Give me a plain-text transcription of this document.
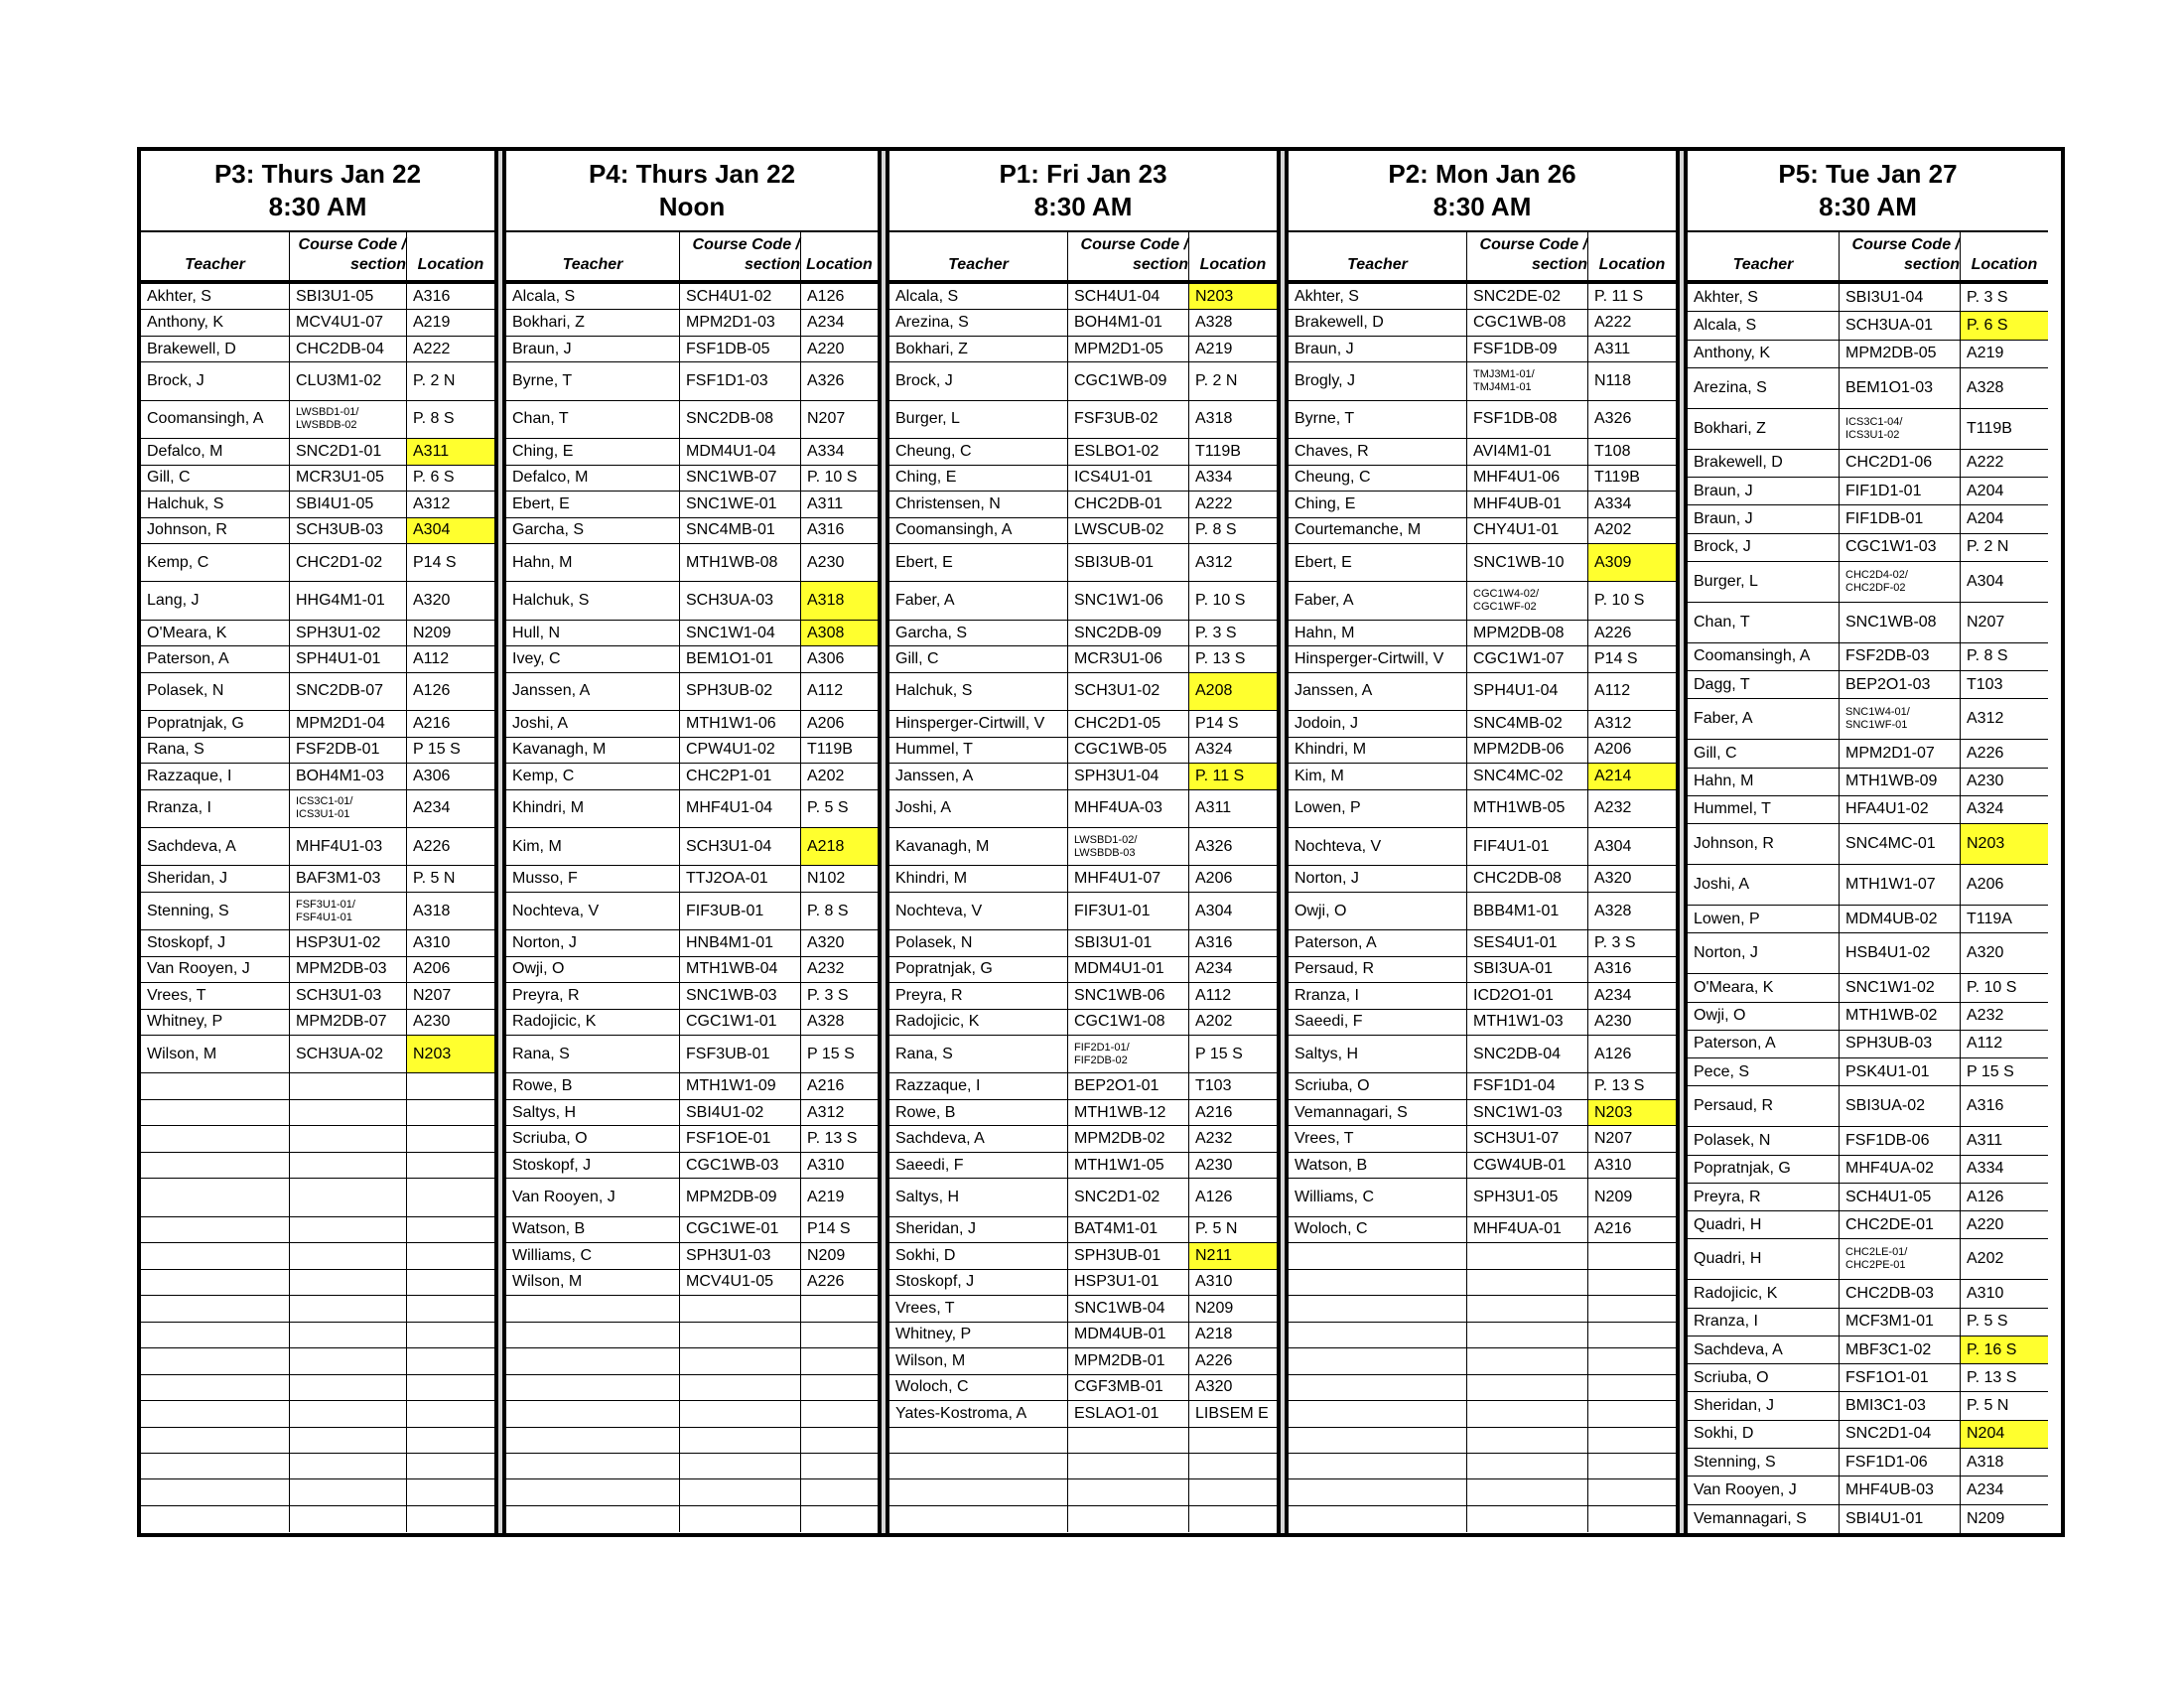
P3: Thurs Jan 22
8:30 AM
Teacher
Course Code /
section Location
Akhter, S	SBI3U1-05	A316
Anthony, K	MCV4U1-07	A219
Brakewell, D	CHC2DB-04	A222
Brock, J	CLU3M1-02	P. 2 N
Coomansingh, A	LWSBD1-01/
LWSBDB-02	P. 8 S
Defalco, M	SNC2D1-01	A311
Gill, C	MCR3U1-05	P. 6 S
Halchuk, S	SBI4U1-05	A312
Johnson, R	SCH3UB-03	A304
Kemp, C	CHC2D1-02	P14 S
Lang, J	HHG4M1-01	A320
O'Meara, K	SPH3U1-02	N209
Paterson, A	SPH4U1-01	A112
Polasek, N	SNC2DB-07	A126
Popratnjak, G	MPM2D1-04	A216
Rana, S	FSF2DB-01	P 15 S
Razzaque, I	BOH4M1-03	A306
Rranza, I	ICS3C1-01/
ICS3U1-01	A234
Sachdeva, A	MHF4U1-03	A226
Sheridan, J	BAF3M1-03	P. 5 N
Stenning, S	FSF3U1-01/
FSF4U1-01	A318
Stoskopf, J	HSP3U1-02	A310
Van Rooyen, J	MPM2DB-03	A206
Vrees, T	SCH3U1-03	N207
Whitney, P	MPM2DB-07	A230
Wilson, M	SCH3UA-02	N203
P4: Thurs Jan 22
Noon
Teacher
Course Code /
section Location
Alcala, S	SCH4U1-02	A126
Bokhari, Z	MPM2D1-03	A234
Braun, J	FSF1DB-05	A220
Byrne, T	FSF1D1-03	A326
Chan, T	SNC2DB-08	N207
Ching, E	MDM4U1-04	A334
Defalco, M	SNC1WB-07	P. 10 S
Ebert, E	SNC1WE-01	A311
Garcha, S	SNC4MB-01	A316
Hahn, M	MTH1WB-08	A230
Halchuk, S	SCH3UA-03	A318
Hull, N	SNC1W1-04	A308
Ivey, C	BEM1O1-01	A306
Janssen, A	SPH3UB-02	A112
Joshi, A	MTH1W1-06	A206
Kavanagh, M	CPW4U1-02	T119B
Kemp, C	CHC2P1-01	A202
Khindri, M	MHF4U1-04	P. 5 S
Kim, M	SCH3U1-04	A218
Musso, F	TTJ2OA-01	N102
Nochteva, V	FIF3UB-01	P. 8 S
Norton, J	HNB4M1-01	A320
Owji, O	MTH1WB-04	A232
Preyra, R	SNC1WB-03	P. 3 S
Radojicic, K	CGC1W1-01	A328
Rana, S	FSF3UB-01	P 15 S
Rowe, B	MTH1W1-09	A216
Saltys, H	SBI4U1-02	A312
Scriuba, O	FSF1OE-01	P. 13 S
Stoskopf, J	CGC1WB-03	A310
Van Rooyen, J	MPM2DB-09	A219
Watson, B	CGC1WE-01	P14 S
Williams, C	SPH3U1-03	N209
Wilson, M	MCV4U1-05	A226
P1: Fri Jan 23
8:30 AM
Teacher
Course Code /
section Location
Alcala, S	SCH4U1-04	N203
Arezina, S	BOH4M1-01	A328
Bokhari, Z	MPM2D1-05	A219
Brock, J	CGC1WB-09	P. 2 N
Burger, L	FSF3UB-02	A318
Cheung, C	ESLBO1-02	T119B
Ching, E	ICS4U1-01	A334
Christensen, N	CHC2DB-01	A222
Coomansingh, A	LWSCUB-02	P. 8 S
Ebert, E	SBI3UB-01	A312
Faber, A	SNC1W1-06	P. 10 S
Garcha, S	SNC2DB-09	P. 3 S
Gill, C	MCR3U1-06	P. 13 S
Halchuk, S	SCH3U1-02	A208
Hinsperger-Cirtwill, V	CHC2D1-05	P14 S
Hummel, T	CGC1WB-05	A324
Janssen, A	SPH3U1-04	P. 11 S
Joshi, A	MHF4UA-03	A311
Kavanagh, M	LWSBD1-02/
LWSBDB-03	A326
Khindri, M	MHF4U1-07	A206
Nochteva, V	FIF3U1-01	A304
Polasek, N	SBI3U1-01	A316
Popratnjak, G	MDM4U1-01	A234
Preyra, R	SNC1WB-06	A112
Radojicic, K	CGC1W1-08	A202
Rana, S	FIF2D1-01/
FIF2DB-02	P 15 S
Razzaque, I	BEP2O1-01	T103
Rowe, B	MTH1WB-12	A216
Sachdeva, A	MPM2DB-02	A232
Saeedi, F	MTH1W1-05	A230
Saltys, H	SNC2D1-02	A126
Sheridan, J	BAT4M1-01	P. 5 N
Sokhi, D	SPH3UB-01	N211
Stoskopf, J	HSP3U1-01	A310
Vrees, T	SNC1WB-04	N209
Whitney, P	MDM4UB-01	A218
Wilson, M	MPM2DB-01	A226
Woloch, C	CGF3MB-01	A320
Yates-Kostroma, A	ESLAO1-01	LIBSEM E
P2: Mon Jan 26
8:30 AM
Teacher
Course Code /
section Location
Akhter, S	SNC2DE-02	P. 11 S
Brakewell, D	CGC1WB-08	A222
Braun, J	FSF1DB-09	A311
Brogly, J	TMJ3M1-01/
TMJ4M1-01	N118
Byrne, T	FSF1DB-08	A326
Chaves, R	AVI4M1-01	T108
Cheung, C	MHF4U1-06	T119B
Ching, E	MHF4UB-01	A334
Courtemanche, M	CHY4U1-01	A202
Ebert, E	SNC1WB-10	A309
Faber, A	CGC1W4-02/
CGC1WF-02	P. 10 S
Hahn, M	MPM2DB-08	A226
Hinsperger-Cirtwill, V	CGC1W1-07	P14 S
Janssen, A	SPH4U1-04	A112
Jodoin, J	SNC4MB-02	A312
Khindri, M	MPM2DB-06	A206
Kim, M	SNC4MC-02	A214
Lowen, P	MTH1WB-05	A232
Nochteva, V	FIF4U1-01	A304
Norton, J	CHC2DB-08	A320
Owji, O	BBB4M1-01	A328
Paterson, A	SES4U1-01	P. 3 S
Persaud, R	SBI3UA-01	A316
Rranza, I	ICD2O1-01	A234
Saeedi, F	MTH1W1-03	A230
Saltys, H	SNC2DB-04	A126
Scriuba, O	FSF1D1-04	P. 13 S
Vemannagari, S	SNC1W1-03	N203
Vrees, T	SCH3U1-07	N207
Watson, B	CGW4UB-01	A310
Williams, C	SPH3U1-05	N209
Woloch, C	MHF4UA-01	A216
P5: Tue Jan 27
8:30 AM
Teacher
Course Code /
section Location
Akhter, S	SBI3U1-04	P. 3 S
Alcala, S	SCH3UA-01	P. 6 S
Anthony, K	MPM2DB-05	A219
Arezina, S	BEM1O1-03	A328
Bokhari, Z	ICS3C1-04/
ICS3U1-02	T119B
Brakewell, D	CHC2D1-06	A222
Braun, J	FIF1D1-01	A204
Braun, J	FIF1DB-01	A204
Brock, J	CGC1W1-03	P. 2 N
Burger, L	CHC2D4-02/
CHC2DF-02	A304
Chan, T	SNC1WB-08	N207
Coomansingh, A	FSF2DB-03	P. 8 S
Dagg, T	BEP2O1-03	T103
Faber, A	SNC1W4-01/
SNC1WF-01	A312
Gill, C	MPM2D1-07	A226
Hahn, M	MTH1WB-09	A230
Hummel, T	HFA4U1-02	A324
Johnson, R	SNC4MC-01	N203
Joshi, A	MTH1W1-07	A206
Lowen, P	MDM4UB-02	T119A
Norton, J	HSB4U1-02	A320
O'Meara, K	SNC1W1-02	P. 10 S
Owji, O	MTH1WB-02	A232
Paterson, A	SPH3UB-03	A112
Pece, S	PSK4U1-01	P 15 S
Persaud, R	SBI3UA-02	A316
Polasek, N	FSF1DB-06	A311
Popratnjak, G	MHF4UA-02	A334
Preyra, R	SCH4U1-05	A126
Quadri, H	CHC2DE-01	A220
Quadri, H	CHC2LE-01/
CHC2PE-01	A202
Radojicic, K	CHC2DB-03	A310
Rranza, I	MCF3M1-01	P. 5 S
Sachdeva, A	MBF3C1-02	P. 16 S
Scriuba, O	FSF1O1-01	P. 13 S
Sheridan, J	BMI3C1-03	P. 5 N
Sokhi, D	SNC2D1-04	N204
Stenning, S	FSF1D1-06	A318
Van Rooyen, J	MHF4UB-03	A234
Vemannagari, S	SBI4U1-01	N209
